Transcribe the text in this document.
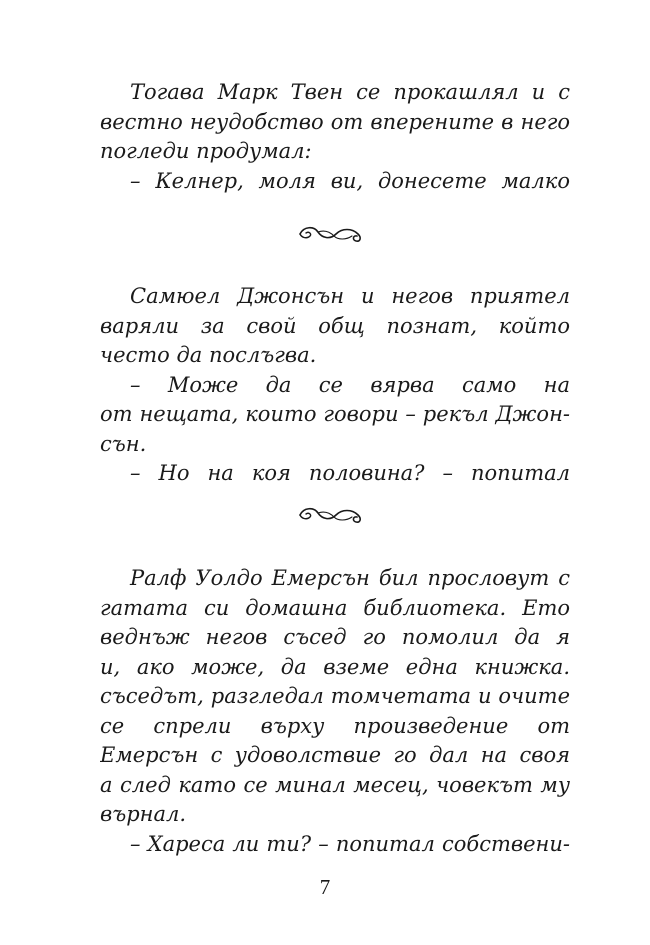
Тогава Марк Твен се прокашлял и с
вестно неудобство от вперените в него
погледи продумал:
– Келнер, моля ви, донесете малко
Самюел Джонсън и негов приятел
варяли за свой общ познат, който
често да послъгва.
– Може да се вярва само на
от нещата, които говори – рекъл Джон-
сън.
– Но на коя половина? – попитал
Ралф Уолдо Емерсън бил прословут с
гатата си домашна библиотека. Ето
веднъж негов съсед го помолил да я
и, ако може, да вземе една книжка.
съседът, разгледал томчетата и очите
се спрели върху произведение от
Емерсън с удоволствие го дал на своя
а след като се минал месец, човекът му
върнал.
– Хареса ли ти? – попитал собствени-
7
